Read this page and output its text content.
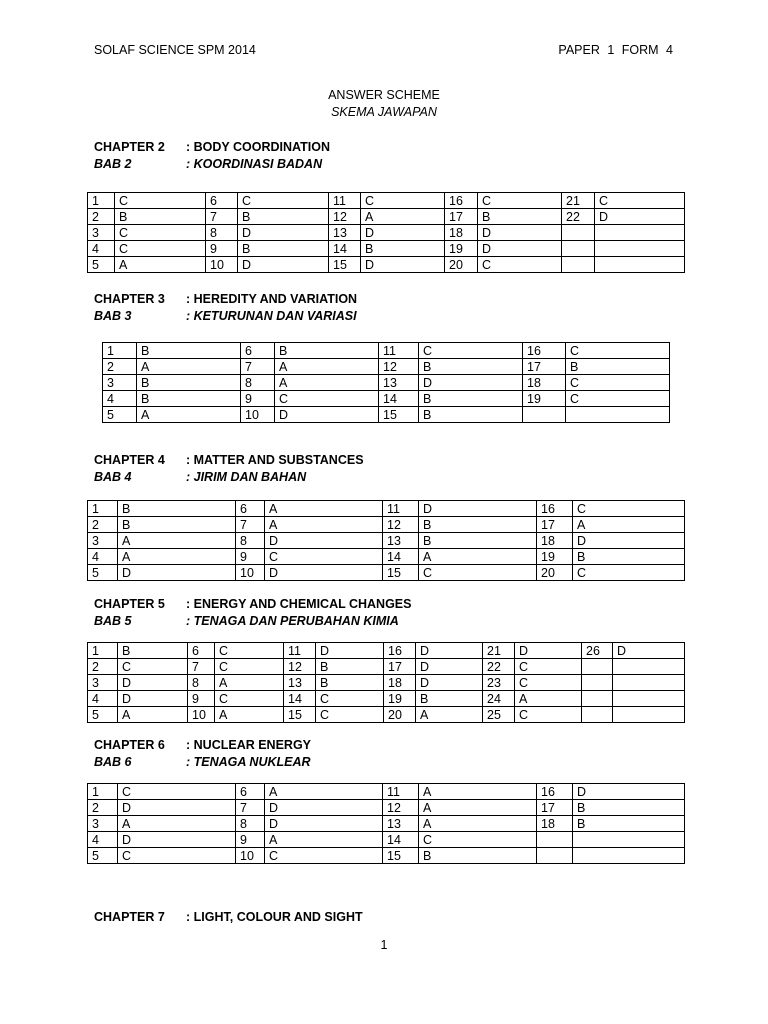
SOLAF SCIENCE SPM 2014	PAPER 1 FORM 4
ANSWER SCHEME
SKEMA JAWAPAN
CHAPTER 2 : BODY COORDINATION
BAB 2	: KOORDINASI BADAN
1	C	6	C	11	C	16	C	21	C
2	B	7	B	12	A	17	B	22	D
3	C	8	D	13	D	18	D		
4	C	9	B	14	B	19	D		
5	A	10	D	15	D	20	C		
CHAPTER 3 : HEREDITY AND VARIATION
BAB 3	: KETURUNAN DAN VARIASI
1	B	6	B	11	C	16	C
2	A	7	A	12	B	17	B
3	B	8	A	13	D	18	C
4	B	9	C	14	B	19	C
5	A	10	D	15	B		
CHAPTER 4 : MATTER AND SUBSTANCES
BAB 4	: JIRIM DAN BAHAN
1	B	6	A	11	D	16	C
2	B	7	A	12	B	17	A
3	A	8	D	13	B	18	D
4	A	9	C	14	A	19	B
5	D	10	D	15	C	20	C
CHAPTER 5 : ENERGY AND CHEMICAL CHANGES
BAB 5	: TENAGA DAN PERUBAHAN KIMIA
1	B	6	C	11	D	16	D	21	D	26	D
2	C	7	C	12	B	17	D	22	C		
3	D	8	A	13	B	18	D	23	C		
4	D	9	C	14	C	19	B	24	A		
5	A	10	A	15	C	20	A	25	C		
CHAPTER 6 : NUCLEAR ENERGY
BAB 6	: TENAGA NUKLEAR
1	C	6	A	11	A	16	D
2	D	7	D	12	A	17	B
3	A	8	D	13	A	18	B
4	D	9	A	14	C		
5	C	10	C	15	B		
CHAPTER 7 : LIGHT, COLOUR AND SIGHT
1
